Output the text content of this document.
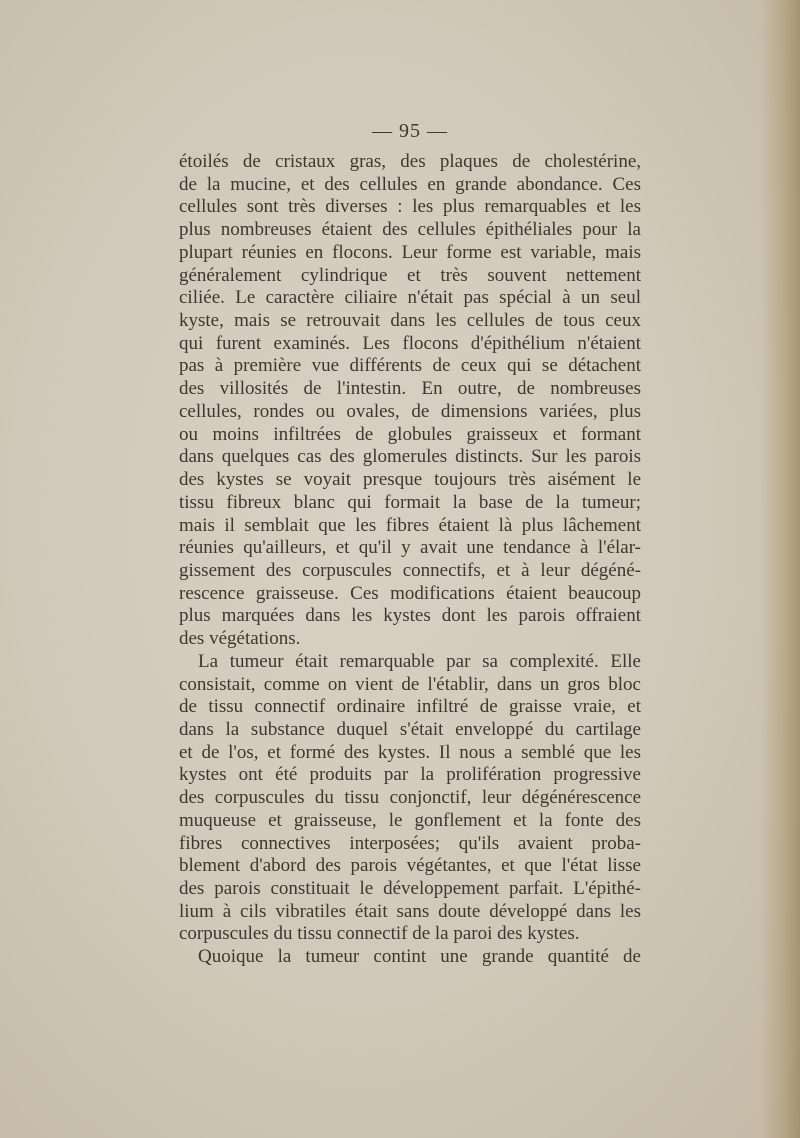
— 95 —
étoilés de cristaux gras, des plaques de cholestérine,
de la mucine, et des cellules en grande abondance. Ces
cellules sont très diverses : les plus remarquables et les
plus nombreuses étaient des cellules épithéliales pour la
plupart réunies en flocons. Leur forme est variable, mais
généralement cylindrique et très souvent nettement
ciliée. Le caractère ciliaire n'était pas spécial à un seul
kyste, mais se retrouvait dans les cellules de tous ceux
qui furent examinés. Les flocons d'épithélium n'étaient
pas à première vue différents de ceux qui se détachent
des villosités de l'intestin. En outre, de nombreuses
cellules, rondes ou ovales, de dimensions variées, plus
ou moins infiltrées de globules graisseux et formant
dans quelques cas des glomerules distincts. Sur les parois
des kystes se voyait presque toujours très aisément le
tissu fibreux blanc qui formait la base de la tumeur;
mais il semblait que les fibres étaient là plus lâchement
réunies qu'ailleurs, et qu'il y avait une tendance à l'élar-
gissement des corpuscules connectifs, et à leur dégéné-
rescence graisseuse. Ces modifications étaient beaucoup
plus marquées dans les kystes dont les parois offraient
des végétations.
La tumeur était remarquable par sa complexité. Elle
consistait, comme on vient de l'établir, dans un gros bloc
de tissu connectif ordinaire infiltré de graisse vraie, et
dans la substance duquel s'était enveloppé du cartilage
et de l'os, et formé des kystes. Il nous a semblé que les
kystes ont été produits par la prolifération progressive
des corpuscules du tissu conjonctif, leur dégénérescence
muqueuse et graisseuse, le gonflement et la fonte des
fibres connectives interposées; qu'ils avaient proba-
blement d'abord des parois végétantes, et que l'état lisse
des parois constituait le développement parfait. L'épithé-
lium à cils vibratiles était sans doute développé dans les
corpuscules du tissu connectif de la paroi des kystes.
Quoique la tumeur contint une grande quantité de
